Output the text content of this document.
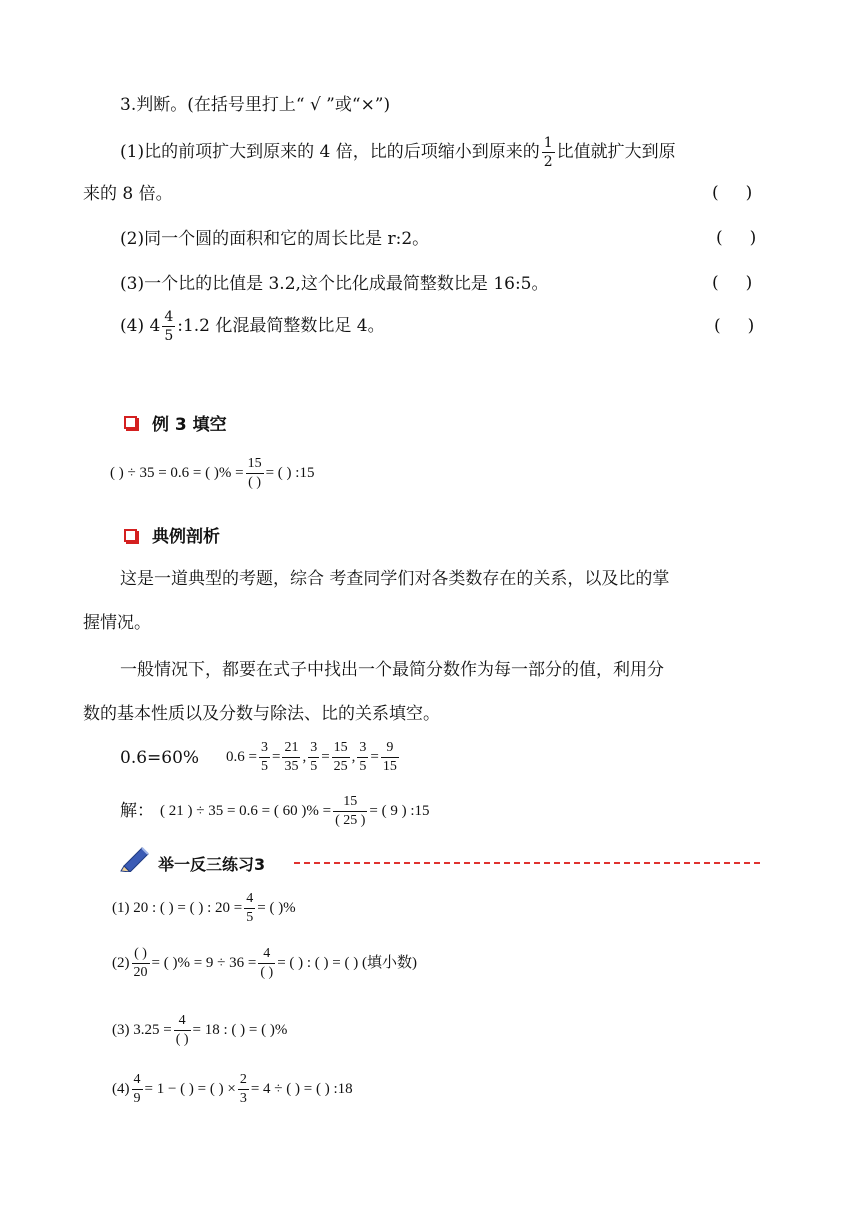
3.判断。(在括号里打上“ √ ”或“×”)
(1)比的前项扩大到原来的 4 倍，比的后项缩小到原来的 $\frac{1}{2}$ 比值就扩大到原
来的 8 倍。	(     )
(2)同一个圆的面积和它的周长比是 r:2。	(     )
(3)一个比的比值是 3.2,这个比化成最简整数比是 16:5。	(     )
(4) $4 \frac{4}{5}$ :1.2 化混最简整数比足 4。	(     )
例 3 填空
( ) ÷ 35 = 0.6 = ( )% = $\frac{15}{( )}$ = ( ) :15
典例剖析
这是一道典型的考题，综合 考查同学们对各类数存在的关系，以及比的掌
握情况。
一般情况下，都要在式子中找出一个最简分数作为每一部分的值，利用分
数的基本性质以及分数与除法、比的关系填空。
0.6=60% $0.6 = \frac{3}{5} = \frac{21}{35}$ , $\frac{3}{5} = \frac{15}{25}$ , $\frac{3}{5} = \frac{9}{15}$
解： ( 21 ) ÷ 35 = 0.6 = ( 60 )% = $\frac{15}{( 25 )}$ = ( 9 ) :15
举一反三练习3
(1) 20 : ( ) = ( ) : $20 = \frac{4}{5}$ = ( )%
$(2) \frac{( )}{20}$ = ( )% = $9 \div 36 = \frac{4}{( )}$ = ( ) : ( ) = ( ) (填小数)
(3) $3.25 = \frac{4}{( )} = 18$ : ( ) = ( )%
$(4) \frac{4}{9} = 1$ − ( ) = ( ) × $\frac{2}{3} = 4$ ÷ ( ) = ( ) :18
